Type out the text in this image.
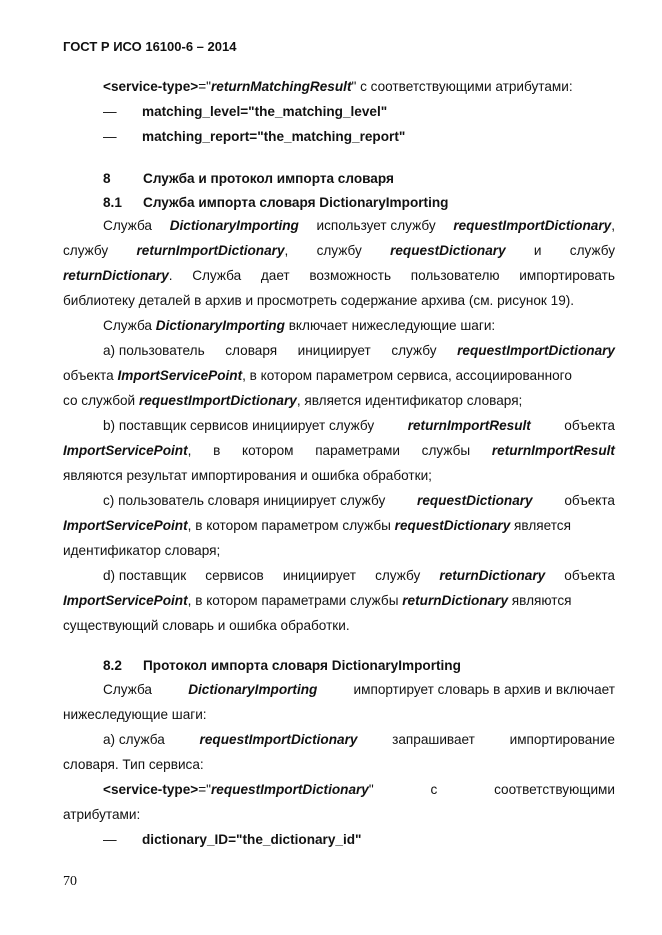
ГОСТ Р ИСО 16100-6 – 2014
<service-type>="returnMatchingResult" с соответствующими атрибутами:
— matching_level="the_matching_level"
— matching_report="the_matching_report"
8 Служба и протокол импорта словаря
8.1 Служба импорта словаря DictionaryImporting
Служба DictionaryImporting использует службу requestImportDictionary,
службу returnImportDictionary, службу requestDictionary и службу
returnDictionary. Служба дает возможность пользователю импортировать
библиотеку деталей в архив и просмотреть содержание архива (см. рисунок 19).
Служба DictionaryImporting включает нижеследующие шаги:
а) пользователь словаря инициирует службу requestImportDictionary
объекта ImportServicePoint, в котором параметром сервиса, ассоциированного
со службой requestImportDictionary, является идентификатор словаря;
b) поставщик сервисов инициирует службу returnImportResult объекта
ImportServicePoint, в котором параметрами службы returnImportResult
являются результат импортирования и ошибка обработки;
с) пользователь словаря инициирует службу requestDictionary объекта
ImportServicePoint, в котором параметром службы requestDictionary является
идентификатор словаря;
d) поставщик сервисов инициирует службу returnDictionary объекта
ImportServicePoint, в котором параметрами службы returnDictionary являются
существующий словарь и ошибка обработки.
8.2 Протокол импорта словаря DictionaryImporting
Служба	DictionaryImporting	импортирует словарь в архив и включает
нижеследующие шаги:
а) служба	requestImportDictionary	запрашивает	импортирование
словаря. Тип сервиса:
<service-type>="requestImportDictionary"	с	соответствующими
атрибутами:
— dictionary_ID="the_dictionary_id"
70
